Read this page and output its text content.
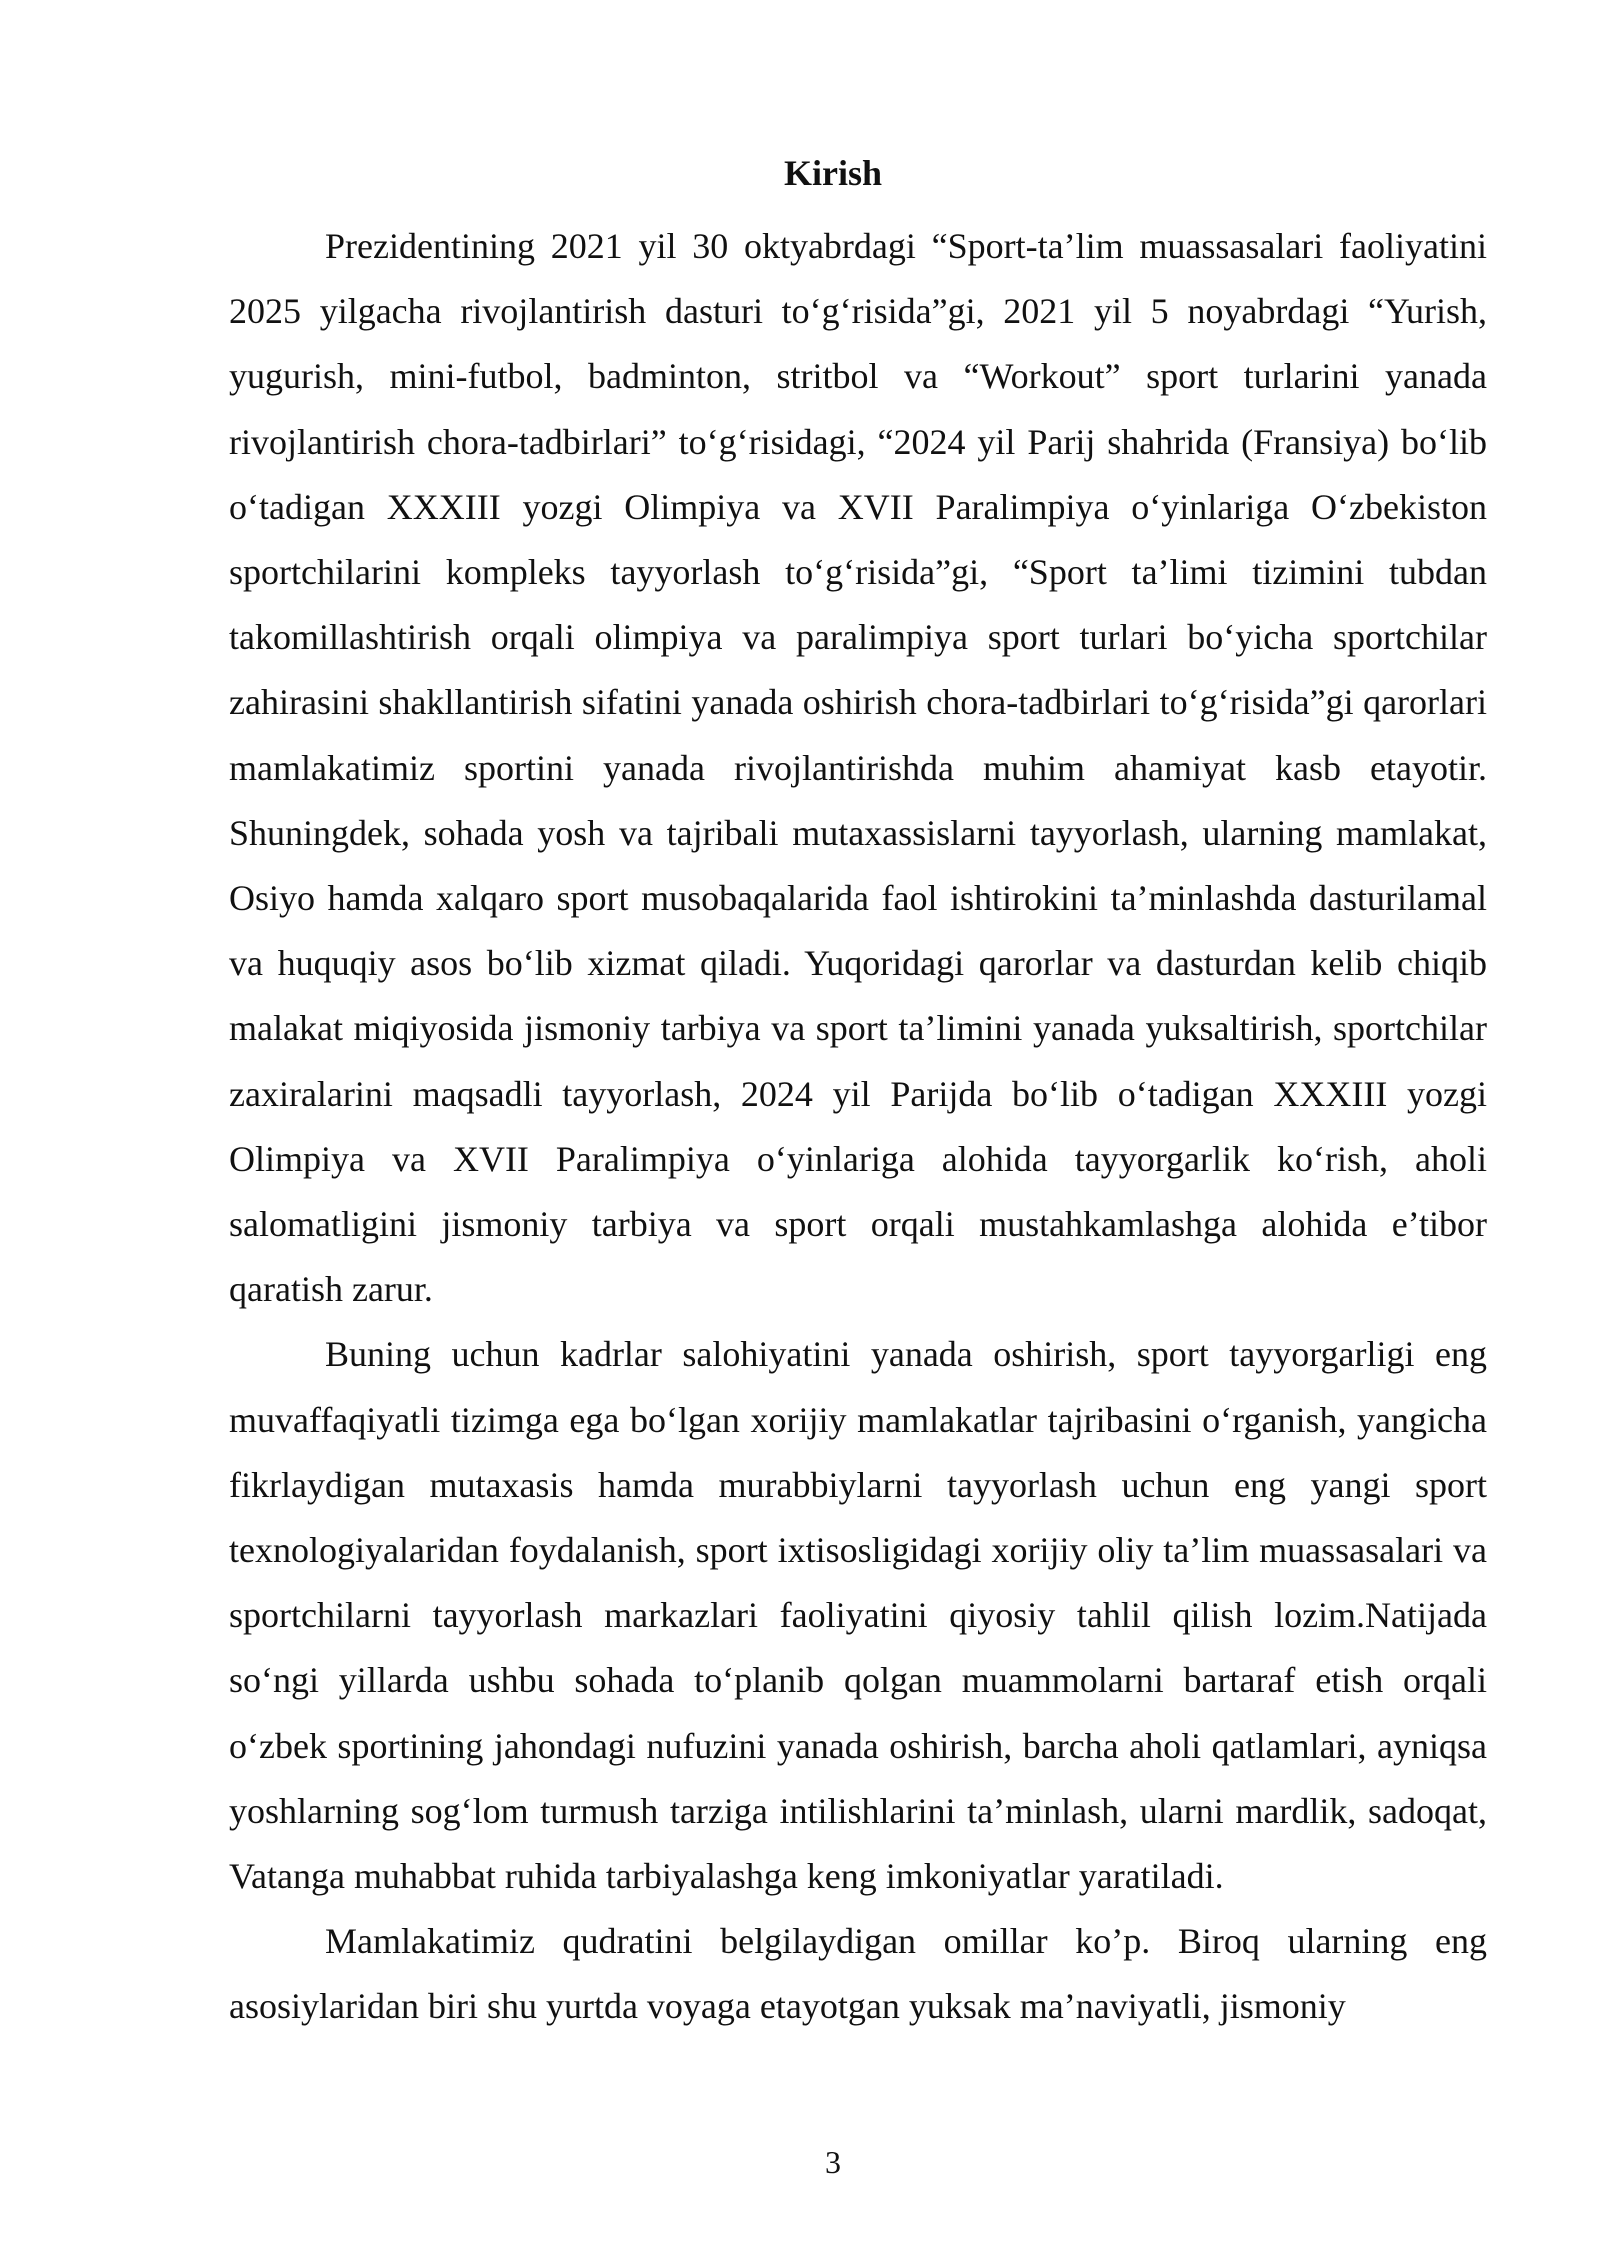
Kirish

Prezidentining 2021 yil 30 oktyabrdagi “Sport-ta’lim muassasalari faoliyatini 2025 yilgacha rivojlantirish dasturi to‘g‘risida”gi, 2021 yil 5 noyabrdagi “Yurish, yugurish, mini-futbol, badminton, stritbol va “Workout” sport turlarini yanada rivojlantirish chora-tadbirlari” to‘g‘risidagi, “2024 yil Parij shahrida (Fransiya) bo‘lib o‘tadigan XXXIII yozgi Olimpiya va XVII Paralimpiya o‘yinlariga O‘zbekiston sportchilarini kompleks tayyorlash to‘g‘risida”gi, “Sport ta’limi tizimini tubdan takomillashtirish orqali olimpiya va paralimpiya sport turlari bo‘yicha sportchilar zahirasini shakllantirish sifatini yanada oshirish chora-tadbirlari to‘g‘risida”gi qarorlari mamlakatimiz sportini yanada rivojlantirishda muhim ahamiyat kasb etayotir. Shuningdek, sohada yosh va tajribali mutaxassislarni tayyorlash, ularning mamlakat, Osiyo hamda xalqaro sport musobaqalarida faol ishtirokini ta’minlashda dasturilamal va huquqiy asos bo‘lib xizmat qiladi. Yuqoridagi qarorlar va dasturdan kelib chiqib malakat miqiyosida jismoniy tarbiya va sport ta’limini yanada yuksaltirish, sportchilar zaxiralarini maqsadli tayyorlash, 2024 yil Parijda bo‘lib o‘tadigan XXXIII yozgi Olimpiya va XVII Paralimpiya o‘yinlariga alohida tayyorgarlik ko‘rish, aholi salomatligini jismoniy tarbiya va sport orqali mustahkamlashga alohida e’tibor qaratish zarur.

Buning uchun kadrlar salohiyatini yanada oshirish, sport tayyorgarligi eng muvaffaqiyatli tizimga ega bo‘lgan xorijiy mamlakatlar tajribasini o‘rganish, yangicha fikrlaydigan mutaxasis hamda murabbiylarni tayyorlash uchun eng yangi sport texnologiyalaridan foydalanish, sport ixtisosligidagi xorijiy oliy ta’lim muassasalari va sportchilarni tayyorlash markazlari faoliyatini qiyosiy tahlil qilish lozim.Natijada so‘ngi yillarda ushbu sohada to‘planib qolgan muammolarni bartaraf etish orqali o‘zbek sportining jahondagi nufuzini yanada oshirish, barcha aholi qatlamlari, ayniqsa yoshlarning sog‘lom turmush tarziga intilishlarini ta’minlash, ularni mardlik, sadoqat, Vatanga muhabbat ruhida tarbiyalashga keng imkoniyatlar yaratiladi.

Mamlakatimiz qudratini belgilaydigan omillar ko’p. Biroq ularning eng asosiylaridan biri shu yurtda voyaga etayotgan yuksak ma’naviyatli, jismoniy

3
